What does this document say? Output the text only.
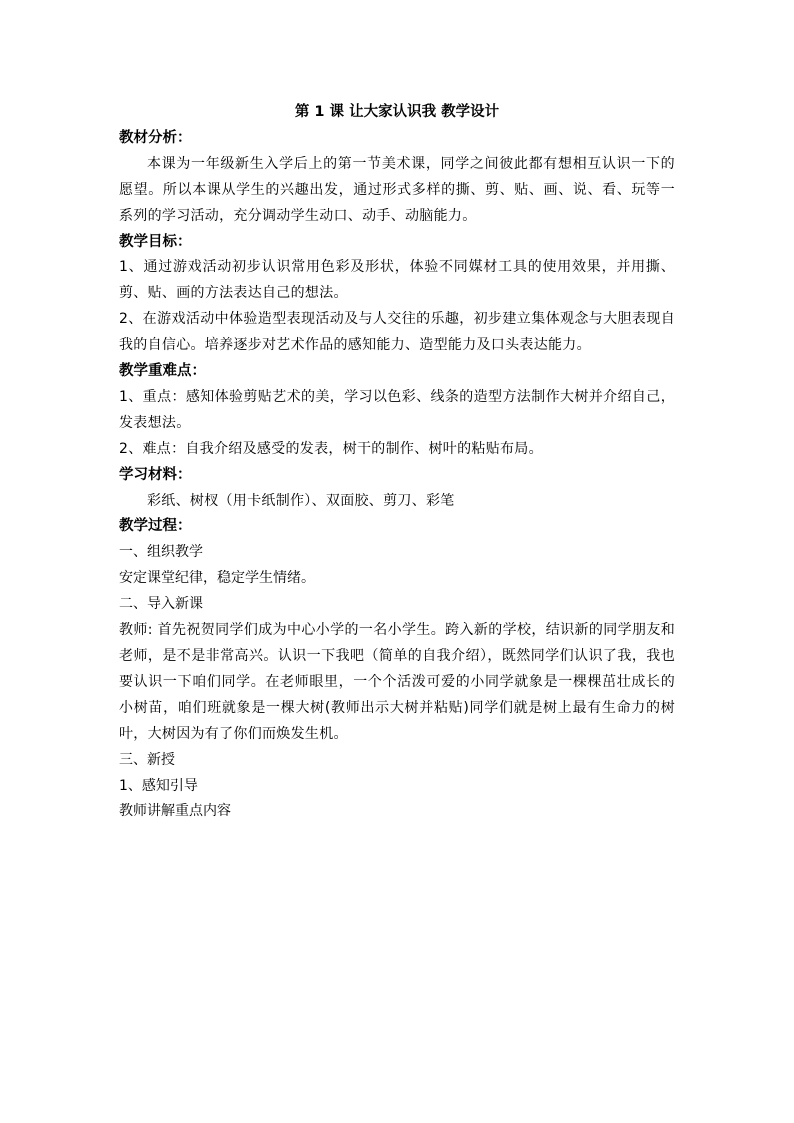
第 1 课 让大家认识我 教学设计

教材分析：

本课为一年级新生入学后上的第一节美术课，同学之间彼此都有想相互认识一下的愿望。所以本课从学生的兴趣出发，通过形式多样的撕、剪、贴、画、说、看、玩等一系列的学习活动，充分调动学生动口、动手、动脑能力。

教学目标：

1、通过游戏活动初步认识常用色彩及形状，体验不同媒材工具的使用效果，并用撕、剪、贴、画的方法表达自己的想法。

2、在游戏活动中体验造型表现活动及与人交往的乐趣，初步建立集体观念与大胆表现自我的自信心。培养逐步对艺术作品的感知能力、造型能力及口头表达能力。

教学重难点：

1、重点：感知体验剪贴艺术的美，学习以色彩、线条的造型方法制作大树并介绍自己，发表想法。

2、难点：自我介绍及感受的发表，树干的制作、树叶的粘贴布局。

学习材料：

彩纸、树杈（用卡纸制作）、双面胶、剪刀、彩笔

教学过程：

一、组织教学

安定课堂纪律，稳定学生情绪。

二、导入新课

教师: 首先祝贺同学们成为中心小学的一名小学生。跨入新的学校，结识新的同学朋友和老师，是不是非常高兴。认识一下我吧（简单的自我介绍），既然同学们认识了我，我也要认识一下咱们同学。在老师眼里，一个个活泼可爱的小同学就象是一棵棵茁壮成长的小树苗，咱们班就象是一棵大树(教师出示大树并粘贴)同学们就是树上最有生命力的树叶，大树因为有了你们而焕发生机。

三、新授

1、感知引导

教师讲解重点内容
